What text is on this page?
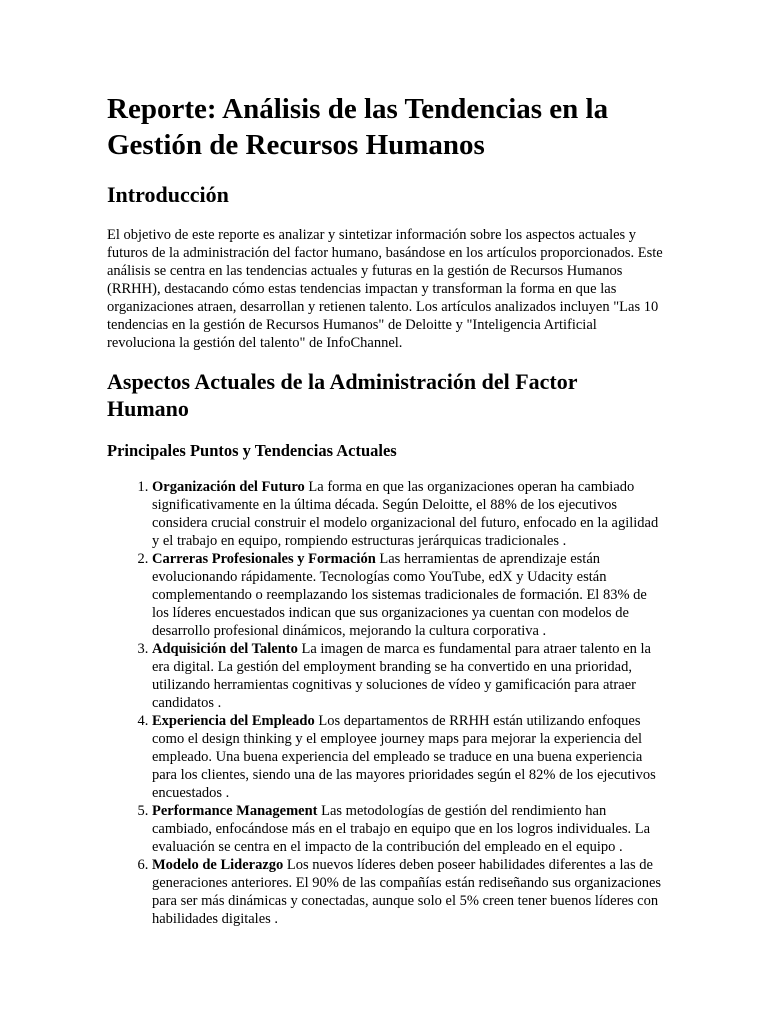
Reporte: Análisis de las Tendencias en la Gestión de Recursos Humanos
Introducción

El objetivo de este reporte es analizar y sintetizar información sobre los aspectos actuales y futuros de la administración del factor humano, basándose en los artículos proporcionados. Este análisis se centra en las tendencias actuales y futuras en la gestión de Recursos Humanos (RRHH), destacando cómo estas tendencias impactan y transforman la forma en que las organizaciones atraen, desarrollan y retienen talento. Los artículos analizados incluyen "Las 10 tendencias en la gestión de Recursos Humanos" de Deloitte y "Inteligencia Artificial revoluciona la gestión del talento" de InfoChannel.

Aspectos Actuales de la Administración del Factor Humano
Principales Puntos y Tendencias Actuales
1. Organización del Futuro La forma en que las organizaciones operan ha cambiado significativamente en la última década. Según Deloitte, el 88% de los ejecutivos considera crucial construir el modelo organizacional del futuro, enfocado en la agilidad y el trabajo en equipo, rompiendo estructuras jerárquicas tradicionales .
2. Carreras Profesionales y Formación Las herramientas de aprendizaje están evolucionando rápidamente. Tecnologías como YouTube, edX y Udacity están complementando o reemplazando los sistemas tradicionales de formación. El 83% de los líderes encuestados indican que sus organizaciones ya cuentan con modelos de desarrollo profesional dinámicos, mejorando la cultura corporativa .
3. Adquisición del Talento La imagen de marca es fundamental para atraer talento en la era digital. La gestión del employment branding se ha convertido en una prioridad, utilizando herramientas cognitivas y soluciones de vídeo y gamificación para atraer candidatos .
4. Experiencia del Empleado Los departamentos de RRHH están utilizando enfoques como el design thinking y el employee journey maps para mejorar la experiencia del empleado. Una buena experiencia del empleado se traduce en una buena experiencia para los clientes, siendo una de las mayores prioridades según el 82% de los ejecutivos encuestados .
5. Performance Management Las metodologías de gestión del rendimiento han cambiado, enfocándose más en el trabajo en equipo que en los logros individuales. La evaluación se centra en el impacto de la contribución del empleado en el equipo .
6. Modelo de Liderazgo Los nuevos líderes deben poseer habilidades diferentes a las de generaciones anteriores. El 90% de las compañías están rediseñando sus organizaciones para ser más dinámicas y conectadas, aunque solo el 5% creen tener buenos líderes con habilidades digitales .
